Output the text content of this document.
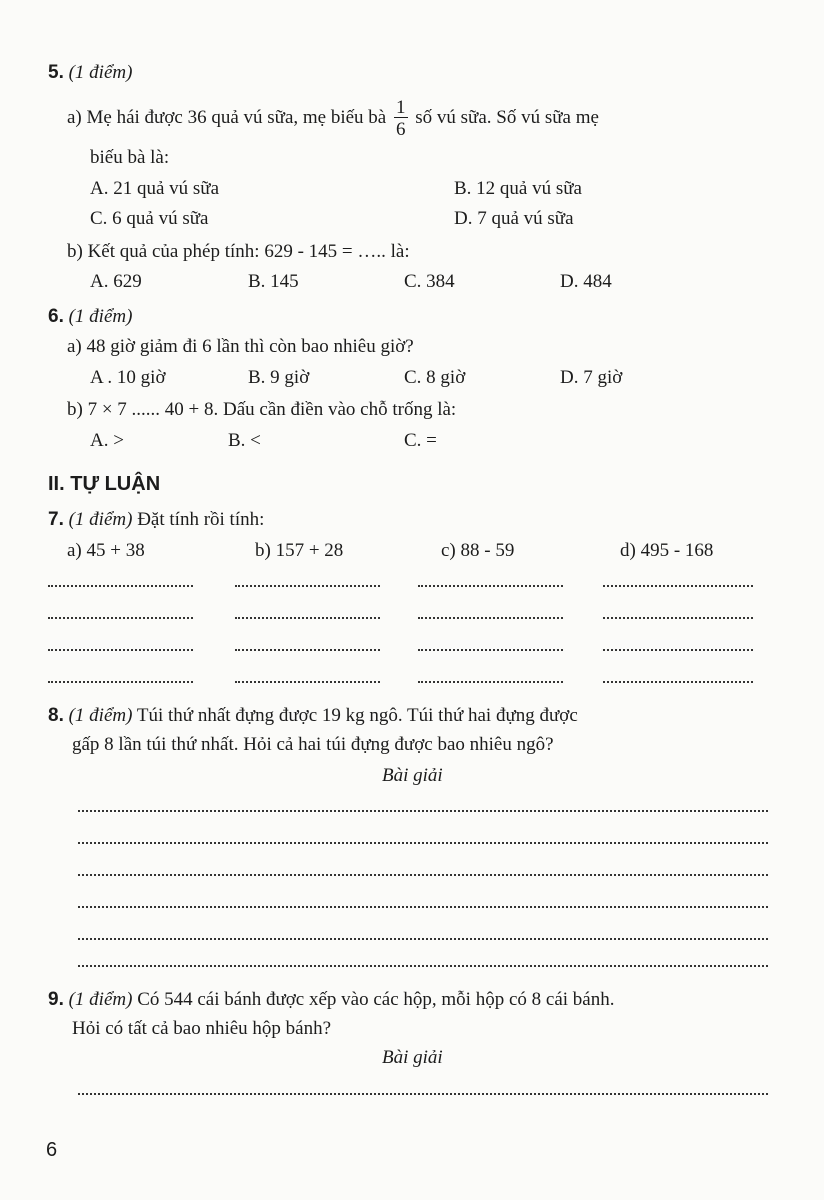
5. (1 điểm)
a) Mẹ hái được 36 quả vú sữa, mẹ biếu bà $\frac{1}{6}$ số vú sữa. Số vú sữa mẹ
biếu bà là:
A. 21 quả vú sữa	B. 12 quả vú sữa
C. 6 quả vú sữa	D. 7 quả vú sữa
b) Kết quả của phép tính: 629 - 145 = ….. là:
A. 629	B. 145	C. 384	D. 484
6. (1 điểm)
a) 48 giờ giảm đi 6 lần thì còn bao nhiêu giờ?
A . 10 giờ	B. 9 giờ	C. 8 giờ	D. 7 giờ
b) 7 × 7 ...... 40 + 8. Dấu cần điền vào chỗ trống là:
A. >	B. <	C. =
II. TỰ LUẬN
7. (1 điểm) Đặt tính rồi tính:
a) 45 + 38	b) 157 + 28	c) 88 - 59	d) 495 - 168
8. (1 điểm) Túi thứ nhất đựng được 19 kg ngô. Túi thứ hai đựng được
gấp 8 lần túi thứ nhất. Hỏi cả hai túi đựng được bao nhiêu ngô?
Bài giải
9. (1 điểm) Có 544 cái bánh được xếp vào các hộp, mỗi hộp có 8 cái bánh.
Hỏi có tất cả bao nhiêu hộp bánh?
Bài giải
6
